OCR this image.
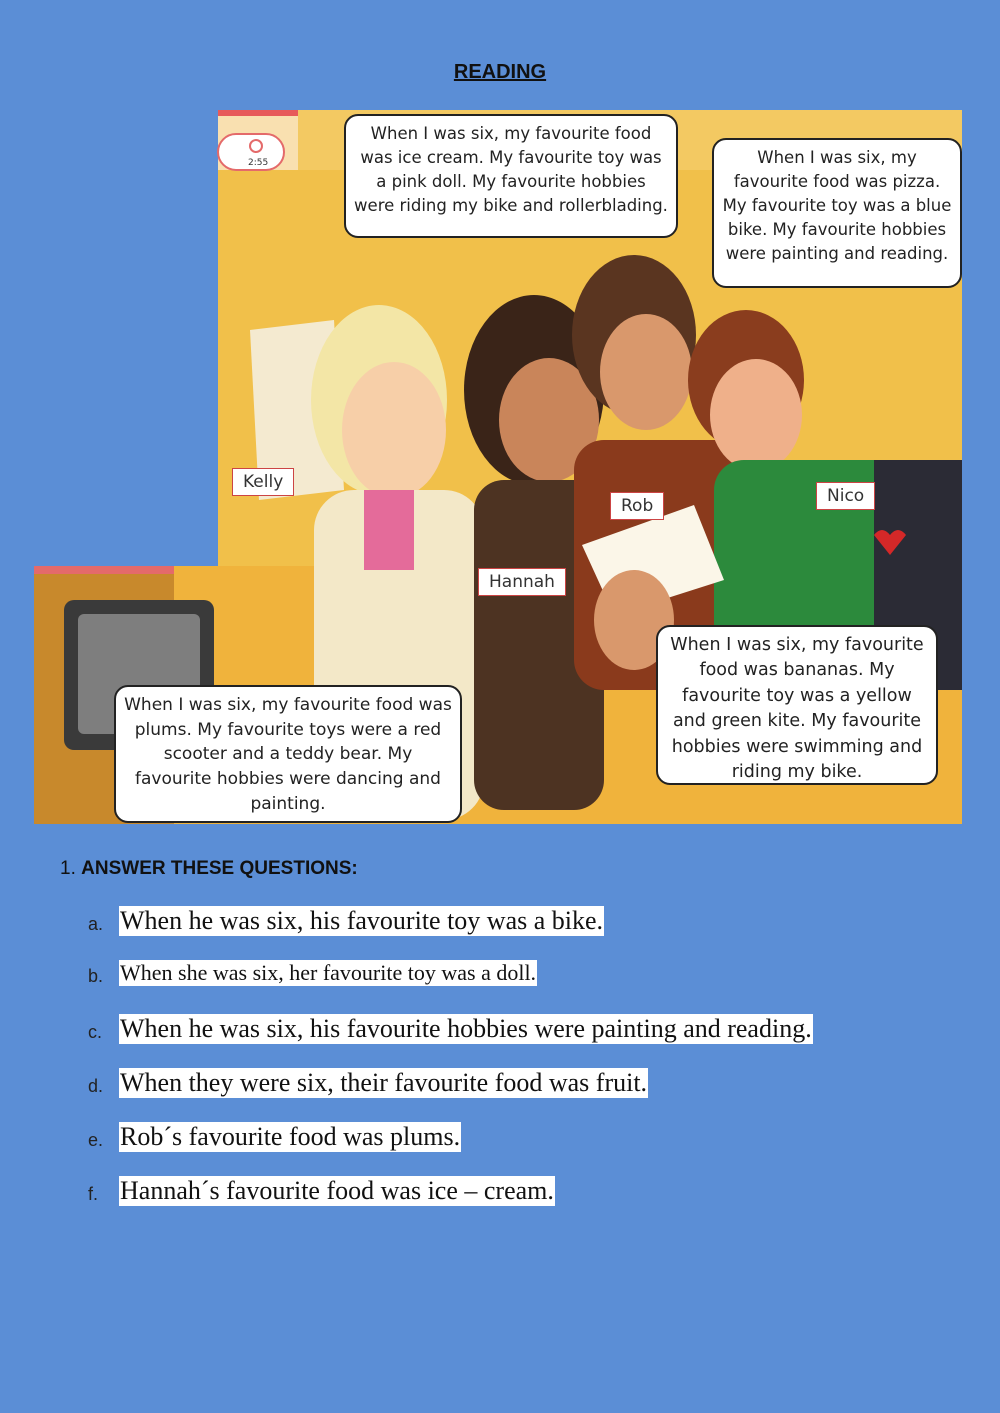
READING
2:55
When I was six, my favourite food was ice cream. My favourite toy was a pink doll. My favourite hobbies were riding my bike and rollerblading.
When I was six, my favourite food was pizza. My favourite toy was a blue bike. My favourite hobbies were painting and reading.
When I was six, my favourite food was plums. My favourite toys were a red scooter and a teddy bear. My favourite hobbies were dancing and painting.
When I was six, my favourite food was bananas. My favourite toy was a yellow and green kite. My favourite hobbies were swimming and riding my bike.
Kelly
Rob	Nico
Hannah
1. ANSWER THESE QUESTIONS:
a. When he was six, his favourite toy was a bike.
b. When she was six, her favourite toy was a doll.
c. When he was six, his favourite hobbies were painting and reading.
d. When they were six, their favourite food was fruit.
e. Rob´s favourite food was plums.
f. Hannah´s favourite food was ice – cream.
